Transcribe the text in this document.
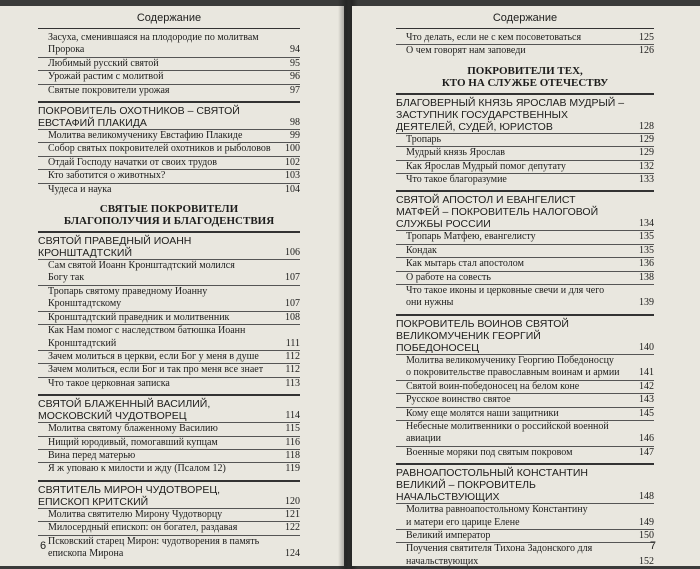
Содержание
Засуха, сменившаяся на плодородие по молитвам
Пророка	94
Любимый русский святой	95
Урожай растим с молитвой	96
Святые покровители урожая	97
ПОКРОВИТЕЛЬ ОХОТНИКОВ – СВЯТОЙ
ЕВСТАФИЙ ПЛАКИДА	98
Молитва великомученику Евстафию Плакиде	99
Собор святых покровителей охотников и рыболовов	100
Отдай Господу начатки от своих трудов	102
Кто заботится о животных?	103
Чудеса и наука	104
СВЯТЫЕ ПОКРОВИТЕЛИ
БЛАГОПОЛУЧИЯ И БЛАГОДЕНСТВИЯ
СВЯТОЙ ПРАВЕДНЫЙ ИОАНН
КРОНШТАДТСКИЙ	106
Сам святой Иоанн Кронштадтский молился
Богу так	107
Тропарь святому праведному Иоанну
Кронштадтскому	107
Кронштадтский праведник и молитвенник	108
Как Нам помог с наследством батюшка Иоанн
Кронштадтский	111
Зачем молиться в церкви, если Бог у меня в душе	112
Зачем молиться, если Бог и так про меня все знает	112
Что такое церковная записка	113
СВЯТОЙ БЛАЖЕННЫЙ ВАСИЛИЙ,
МОСКОВСКИЙ ЧУДОТВОРЕЦ	114
Молитва святому блаженному Василию	115
Нищий юродивый, помогавший купцам	116
Вина перед матерью	118
Я ж уповаю к милости и жду (Псалом 12)	119
СВЯТИТЕЛЬ МИРОН ЧУДОТВОРЕЦ,
ЕПИСКОП КРИТСКИЙ	120
Молитва святителю Мирону Чудотворцу	121
Милосердный епископ: он богател, раздавая	122
Псковский старец Мирон: чудотворения в память
епископа Мирона	124
6
Содержание
Что делать, если не с кем посоветоваться	125
О чем говорят нам заповеди	126
ПОКРОВИТЕЛИ ТЕХ,
КТО НА СЛУЖБЕ ОТЕЧЕСТВУ
БЛАГОВЕРНЫЙ КНЯЗЬ ЯРОСЛАВ МУДРЫЙ –
ЗАСТУПНИК ГОСУДАРСТВЕННЫХ
ДЕЯТЕЛЕЙ, СУДЕЙ, ЮРИСТОВ	128
Тропарь	129
Мудрый князь Ярослав	129
Как Ярослав Мудрый помог депутату	132
Что такое благоразумие	133
СВЯТОЙ АПОСТОЛ И ЕВАНГЕЛИСТ
МАТФЕЙ – ПОКРОВИТЕЛЬ НАЛОГОВОЙ
СЛУЖБЫ РОССИИ	134
Тропарь Матфею, евангелисту	135
Кондак	135
Как мытарь стал апостолом	136
О работе на совесть	138
Что такое иконы и церковные свечи и для чего
они нужны	139
ПОКРОВИТЕЛЬ ВОИНОВ СВЯТОЙ
ВЕЛИКОМУЧЕНИК ГЕОРГИЙ
ПОБЕДОНОСЕЦ	140
Молитва великомученику Георгию Победоносцу
о покровительстве православным воинам и армии	141
Святой воин-победоносец на белом коне	142
Русское воинство святое	143
Кому еще молятся наши защитники	145
Небесные молитвенники о российской военной
авиации	146
Военные моряки под святым покровом	147
РАВНОАПОСТОЛЬНЫЙ КОНСТАНТИН
ВЕЛИКИЙ – ПОКРОВИТЕЛЬ
НАЧАЛЬСТВУЮЩИХ	148
Молитва равноапостольному Константину
и матери его царице Елене	149
Великий император	150
Поучения святителя Тихона Задонского для
начальствующих	152
7
